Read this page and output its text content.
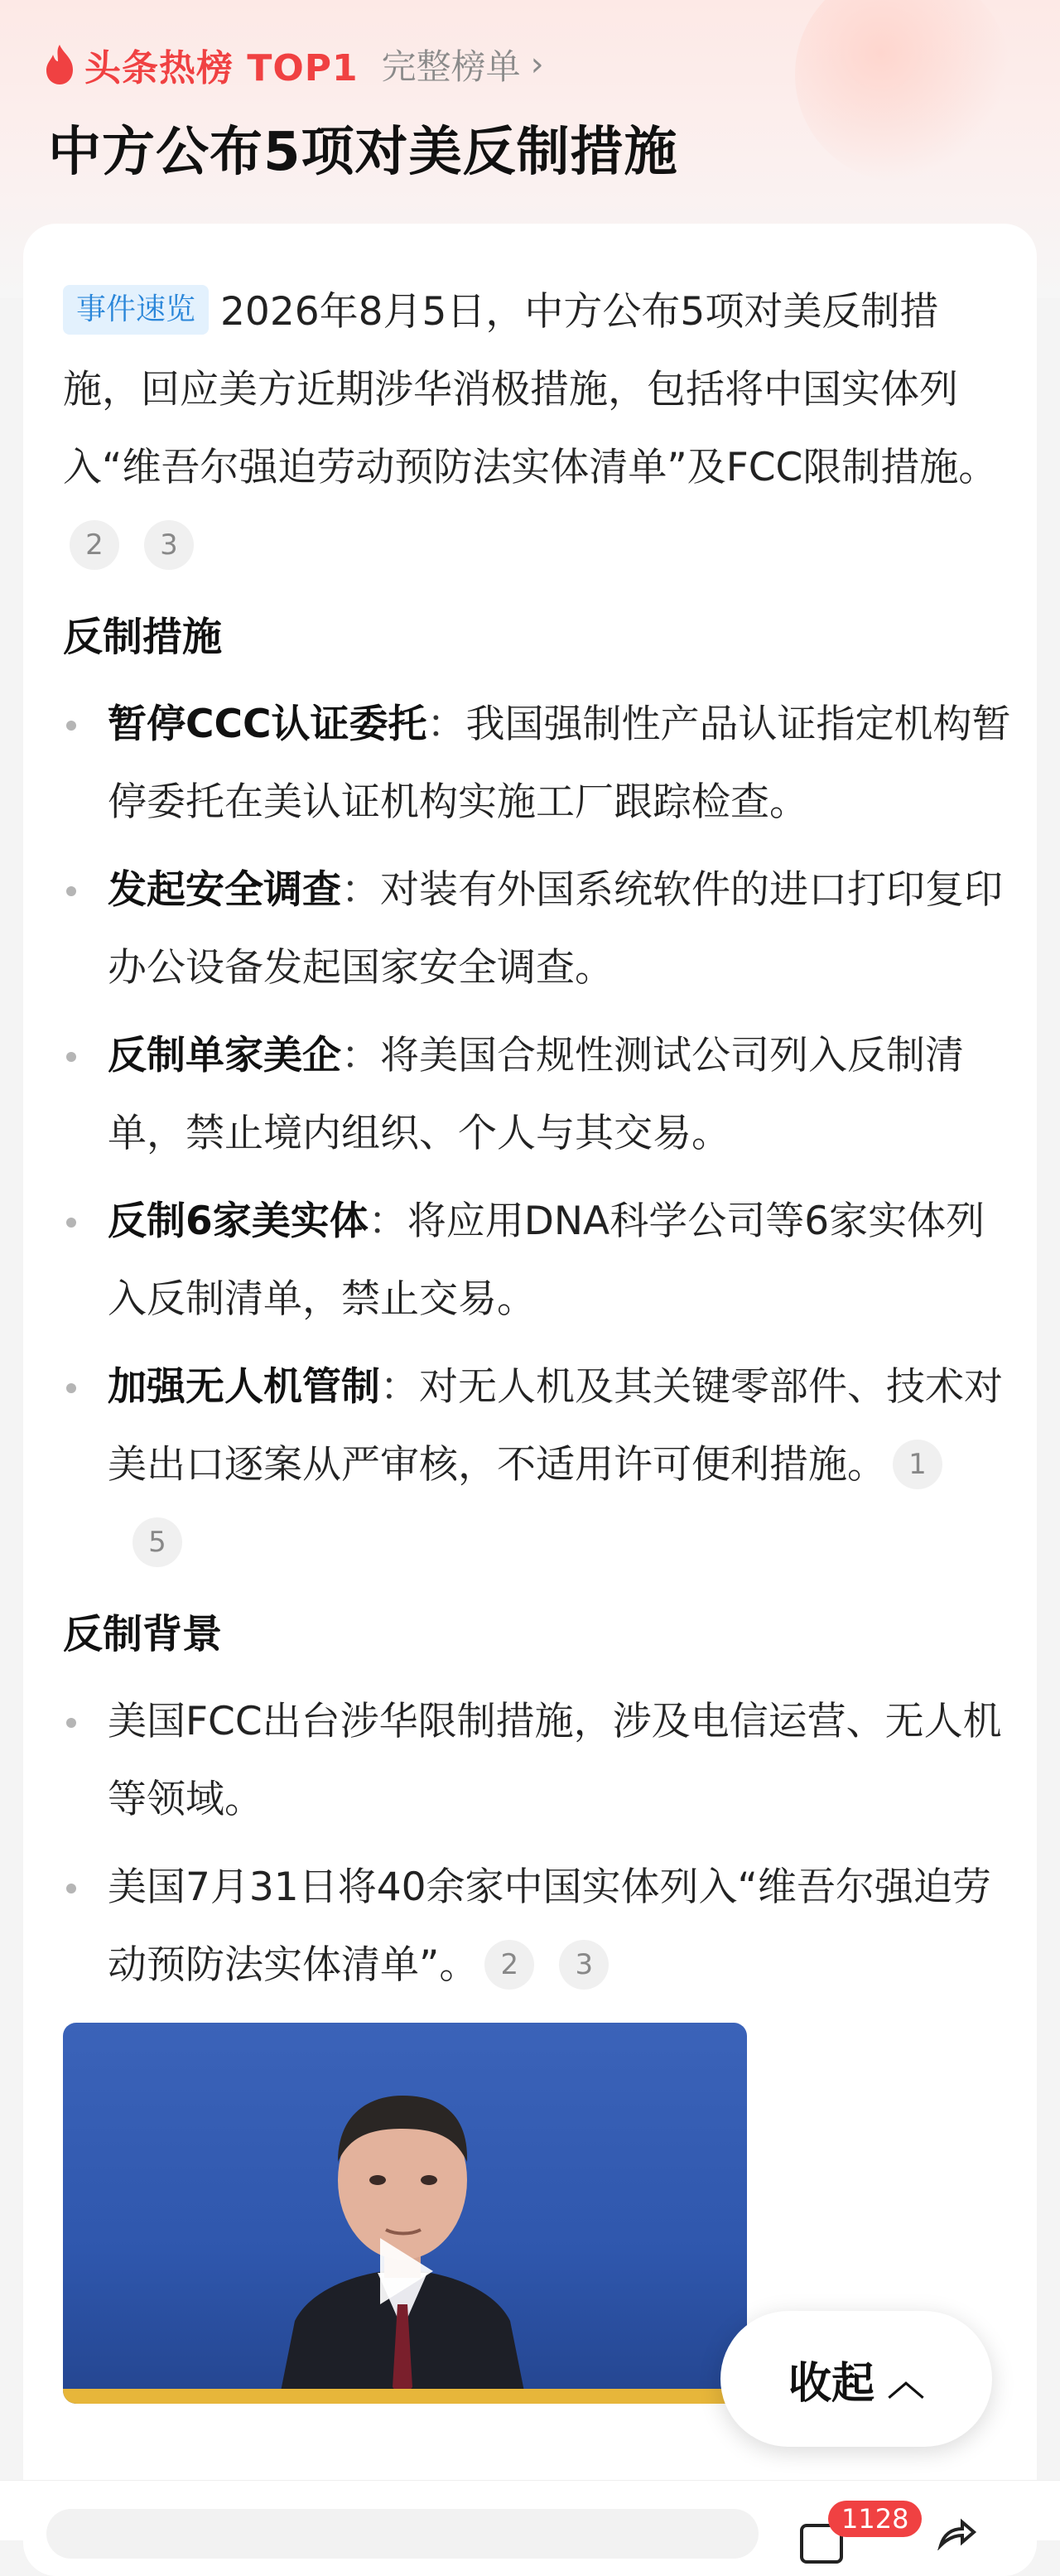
头条热榜 TOP1 完整榜单 ›
中方公布5项对美反制措施

事件速览 2026年8月5日，中方公布5项对美反制措施，回应美方近期涉华消极措施，包括将中国实体列入“维吾尔强迫劳动预防法实体清单”及FCC限制措施。2 3

反制措施
暂停CCC认证委托：我国强制性产品认证指定机构暂停委托在美认证机构实施工厂跟踪检查。
发起安全调查：对装有外国系统软件的进口打印复印办公设备发起国家安全调查。
反制单家美企：将美国合规性测试公司列入反制清单，禁止境内组织、个人与其交易。
反制6家美实体：将应用DNA科学公司等6家实体列入反制清单，禁止交易。
加强无人机管制：对无人机及其关键零部件、技术对美出口逐案从严审核，不适用许可便利措施。 15
反制背景
美国FCC出台涉华限制措施，涉及电信运营、无人机等领域。
美国7月31日将40余家中国实体列入“维吾尔强迫劳动预防法实体清单”。 2 3
收起 ︿
1128
